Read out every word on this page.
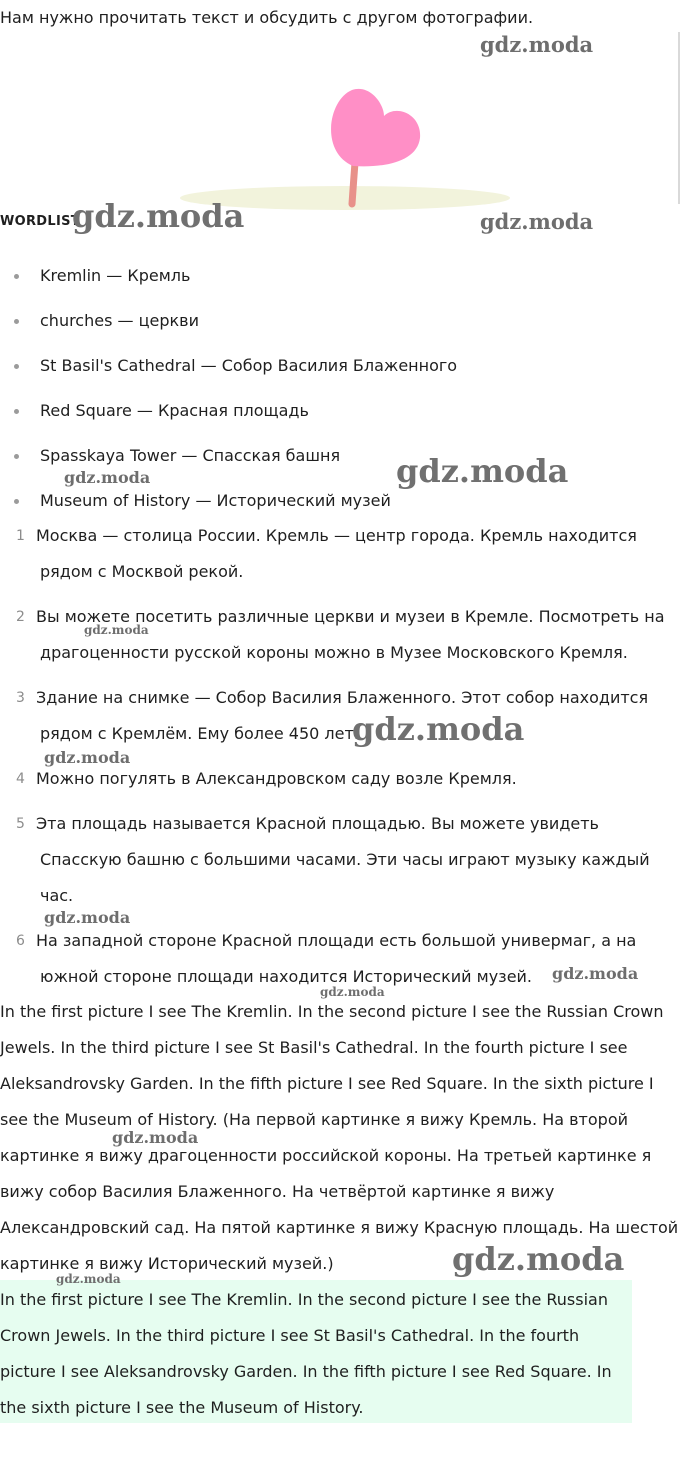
Нам нужно прочитать текст и обсудить с другом фотографии.
WORDLIST
Kremlin — Кремль
churches — церкви
St Basil's Cathedral — Собор Василия Блаженного
Red Square — Красная площадь
Spasskaya Tower — Спасская башня
Museum of History — Исторический музей
1 Москва — столица России. Кремль — центр города. Кремль находится
рядом с Москвой рекой.
2 Вы можете посетить различные церкви и музеи в Кремле. Посмотреть на
драгоценности русской короны можно в Музее Московского Кремля.
3 Здание на снимке — Собор Василия Блаженного. Этот собор находится
рядом с Кремлём. Ему более 450 лет.
4 Можно погулять в Александровском саду возле Кремля.
5 Эта площадь называется Красной площадью. Вы можете увидеть
Спасскую башню с большими часами. Эти часы играют музыку каждый
час.
6 На западной стороне Красной площади есть большой универмаг, а на
южной стороне площади находится Исторический музей.
In the first picture I see The Kremlin. In the second picture I see the Russian Crown
Jewels. In the third picture I see St Basil's Cathedral. In the fourth picture I see
Aleksandrovsky Garden. In the fifth picture I see Red Square. In the sixth picture I
see the Museum of History. (На первой картинке я вижу Кремль. На второй
картинке я вижу драгоценности российской короны. На третьей картинке я
вижу собор Василия Блаженного. На четвёртой картинке я вижу
Александровский сад. На пятой картинке я вижу Красную площадь. На шестой
картинке я вижу Исторический музей.)
In the first picture I see The Kremlin. In the second picture I see the Russian
Crown Jewels. In the third picture I see St Basil's Cathedral. In the fourth
picture I see Aleksandrovsky Garden. In the fifth picture I see Red Square. In
the sixth picture I see the Museum of History.
gdz.moda
gdz.moda	gdz.moda
gdz.moda
gdz.moda
gdz.moda
gdz.moda
gdz.moda
gdz.moda
gdz.moda
gdz.moda
gdz.moda
gdz.moda
gdz.moda
